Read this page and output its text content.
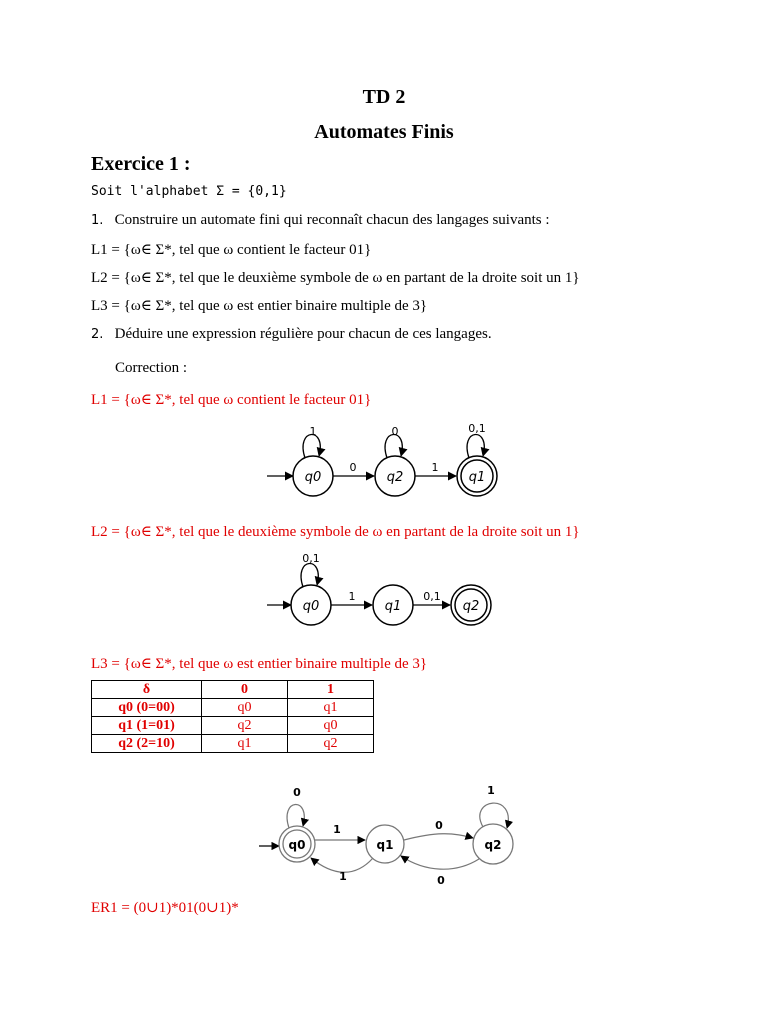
TD 2
Automates Finis
Exercice 1 :
Soit l'alphabet Σ = {0,1}
1. Construire un automate fini qui reconnaît chacun des langages suivants :
L1 = {ω∈ Σ*, tel que ω contient le facteur 01}
L2 = {ω∈ Σ*, tel que le deuxième symbole de ω en partant de la droite soit un 1}
L3 = {ω∈ Σ*, tel que ω est entier binaire multiple de 3}
2. Déduire une expression régulière pour chacun de ces langages.
Correction :
L1 = {ω∈ Σ*, tel que ω contient le facteur 01}
q0
1
q2
0
q1
0,1
0	1
L2 = {ω∈ Σ*, tel que le deuxième symbole de ω en partant de la droite soit un 1}
q0
0,1
q1	q2
1	0,1
L3 = {ω∈ Σ*, tel que ω est entier binaire multiple de 3}
δ	0	1
q0 (0=00)	q0	q1
q1 (1=01)	q2	q0
q2 (2=10)	q1	q2
q0
0
q1	q2
1
1
1
0
0
ER1 = (0∪1)*01(0∪1)*
